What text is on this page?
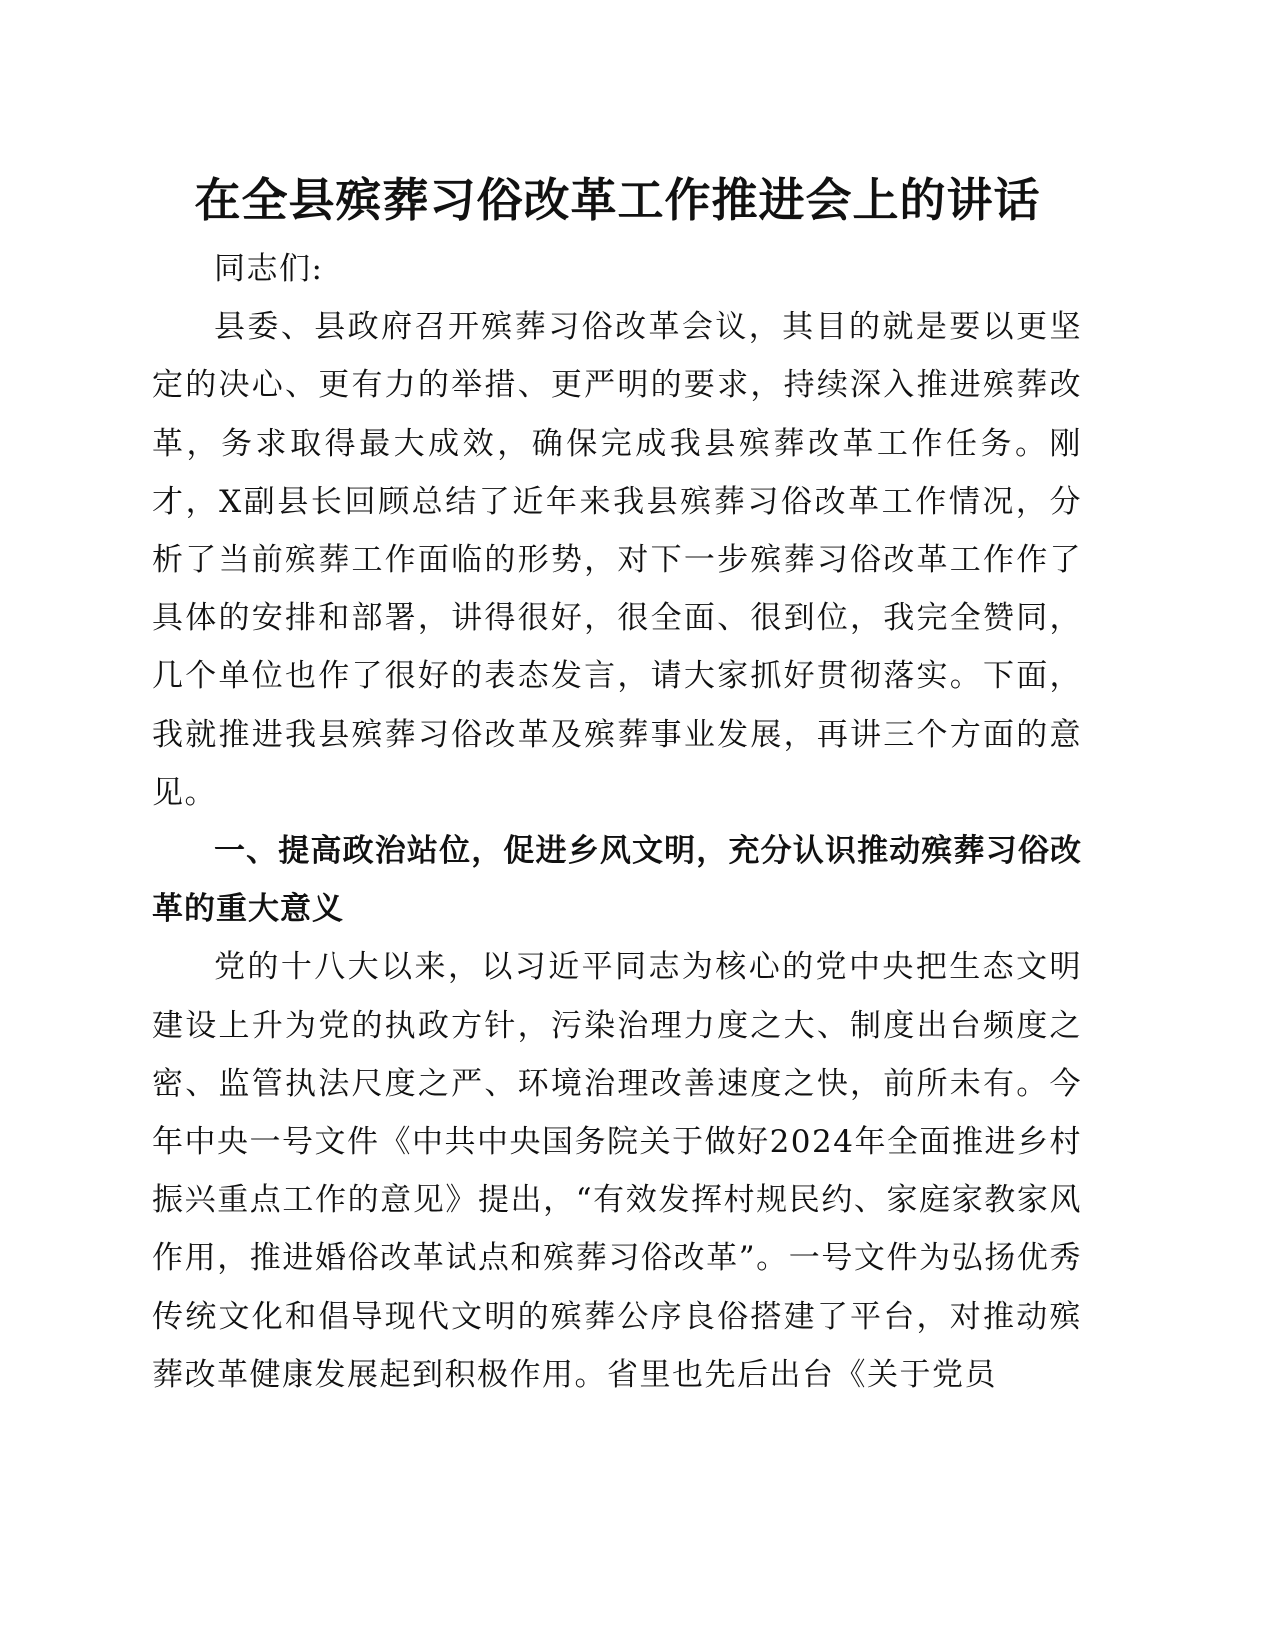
在全县殡葬习俗改革工作推进会上的讲话

同志们:

县委、县政府召开殡葬习俗改革会议，其目的就是要以更坚定的决心、更有力的举措、更严明的要求，持续深入推进殡葬改革，务求取得最大成效，确保完成我县殡葬改革工作任务。刚才，X副县长回顾总结了近年来我县殡葬习俗改革工作情况，分析了当前殡葬工作面临的形势，对下一步殡葬习俗改革工作作了具体的安排和部署，讲得很好，很全面、很到位，我完全赞同，几个单位也作了很好的表态发言，请大家抓好贯彻落实。下面，我就推进我县殡葬习俗改革及殡葬事业发展，再讲三个方面的意见。

一、提高政治站位，促进乡风文明，充分认识推动殡葬习俗改革的重大意义

党的十八大以来，以习近平同志为核心的党中央把生态文明建设上升为党的执政方针，污染治理力度之大、制度出台频度之密、监管执法尺度之严、环境治理改善速度之快，前所未有。今年中央一号文件《中共中央国务院关于做好2024年全面推进乡村振兴重点工作的意见》提出，“有效发挥村规民约、家庭家教家风作用，推进婚俗改革试点和殡葬习俗改革”。一号文件为弘扬优秀传统文化和倡导现代文明的殡葬公序良俗搭建了平台，对推动殡葬改革健康发展起到积极作用。省里也先后出台《关于党员
